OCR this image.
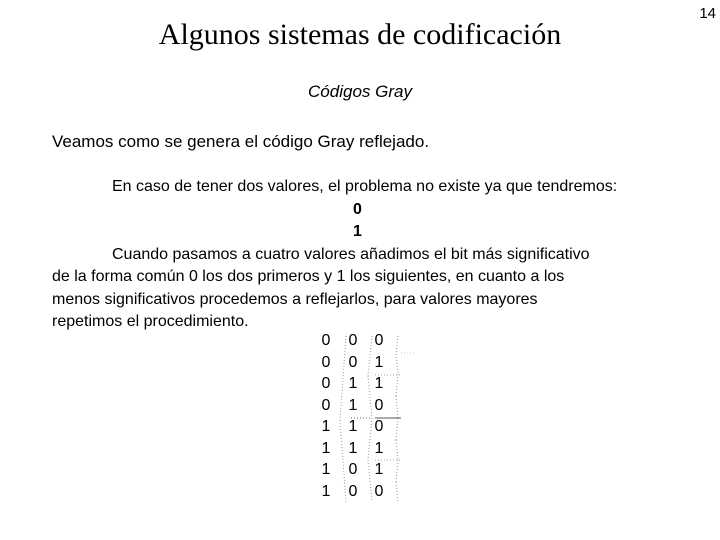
14
Algunos sistemas de codificación
Códigos Gray
Veamos como se genera el código Gray reflejado.
En caso de tener dos valores, el problema no existe ya que tendremos:
0
1
Cuando pasamos a cuatro valores añadimos el bit más significativo
de la forma común 0 los dos primeros y 1 los siguientes, en cuanto a los
menos significativos procedemos a reflejarlos, para valores mayores
repetimos el procedimiento.
0
0
0
0
1
1
1
1
0
0
1
1
1
1
0
0
0
1
1
0
0
1
1
0
